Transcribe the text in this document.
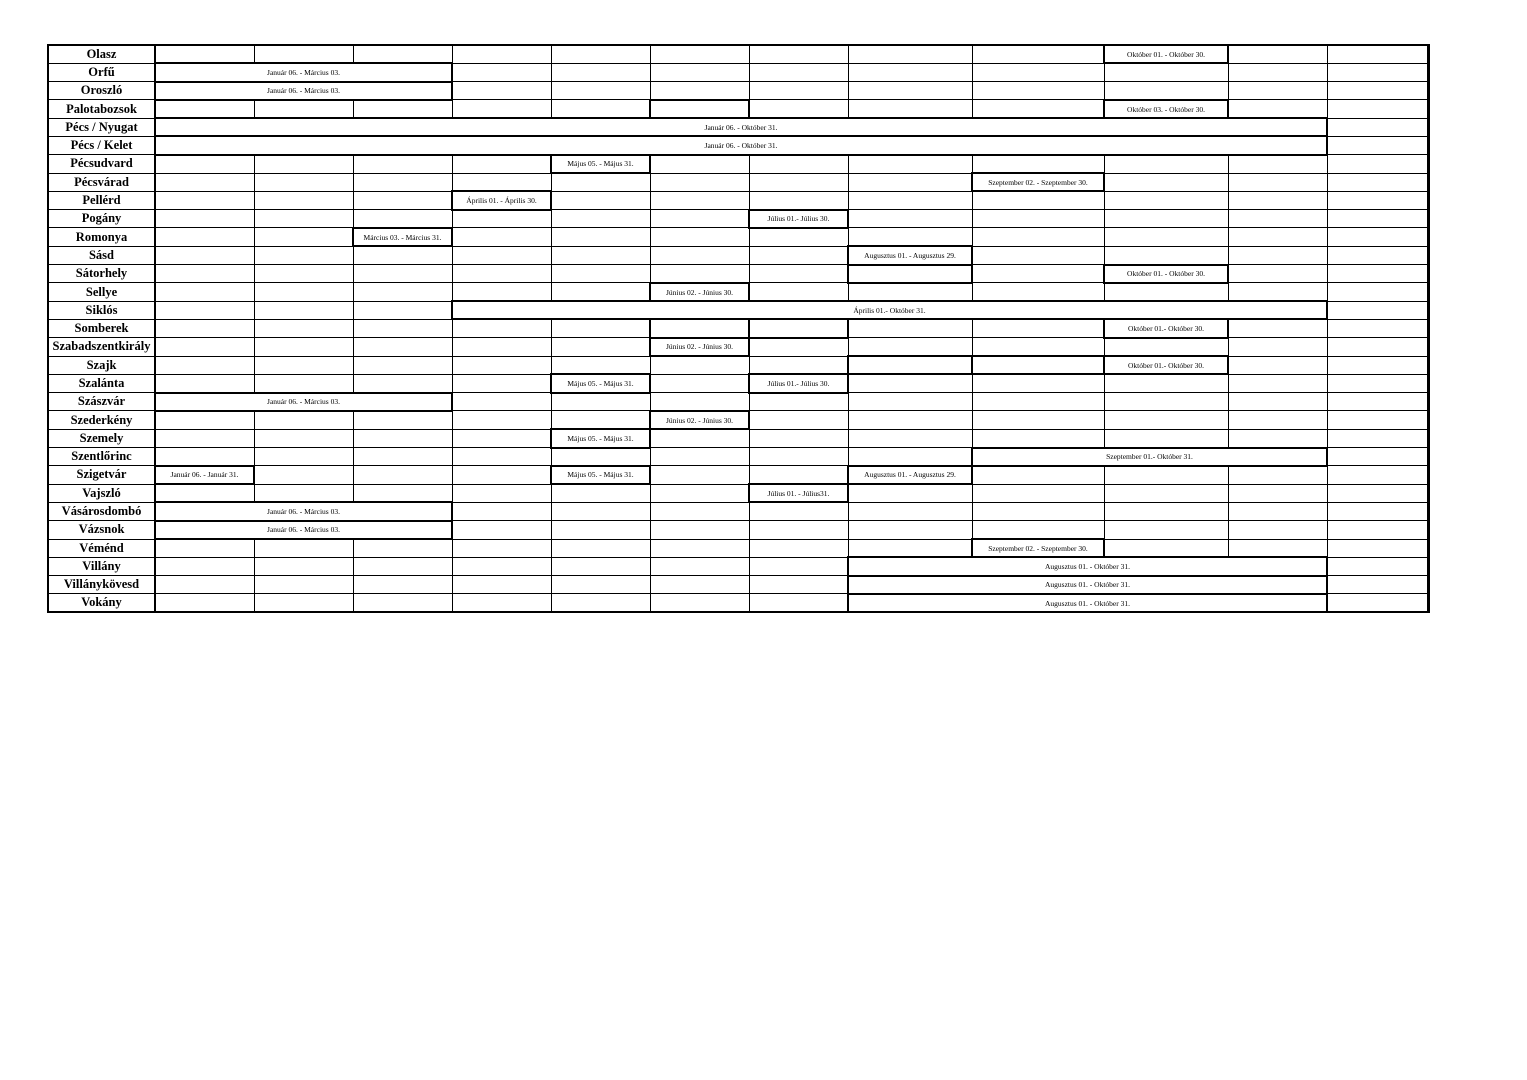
Olasz										Október 01. - Október 30.			
Orfű	Január 06. - Március 03.												
Oroszló	Január 06. - Március 03.												
Palotabozsok										Október 03. - Október 30.			
Pécs / Nyugat	Január 06. - Október 31.												
Pécs / Kelet	Január 06. - Október 31.												
Pécsudvard					Május 05. - Május 31.								
Pécsvárad									Szeptember 02. - Szeptember 30.				
Pellérd				Április 01. - Április 30.									
Pogány							Július 01.- Július 30.						
Romonya			Március 03. - Március 31.										
Sásd								Augusztus 01. - Augusztus 29.					
Sátorhely										Október 01. - Október 30.			
Sellye						Június 02. - Június 30.							
Siklós				Április 01.- Október 31.									
Somberek										Október 01.- Október 30.			
Szabadszentkirály						Június 02. - Június 30.							
Szajk										Október 01.- Október 30.			
Szalánta					Május 05. - Május 31.		Július 01.- Július 30.						
Szászvár	Január 06. - Március 03.												
Szederkény						Június 02. - Június 30.							
Szemely					Május 05. - Május 31.								
Szentlőrinc									Szeptember 01.- Október 31.				
Szigetvár	Január 06. - Január 31.				Május 05. - Május 31.			Augusztus 01. - Augusztus 29.					
Vajszló							Július 01. - Július31.						
Vásárosdombó	Január 06. - Március 03.												
Vázsnok	Január 06. - Március 03.												
Véménd									Szeptember 02. - Szeptember 30.				
Villány								Augusztus 01. - Október 31.					
Villánykövesd								Augusztus 01. - Október 31.					
Vokány								Augusztus 01. - Október 31.					
